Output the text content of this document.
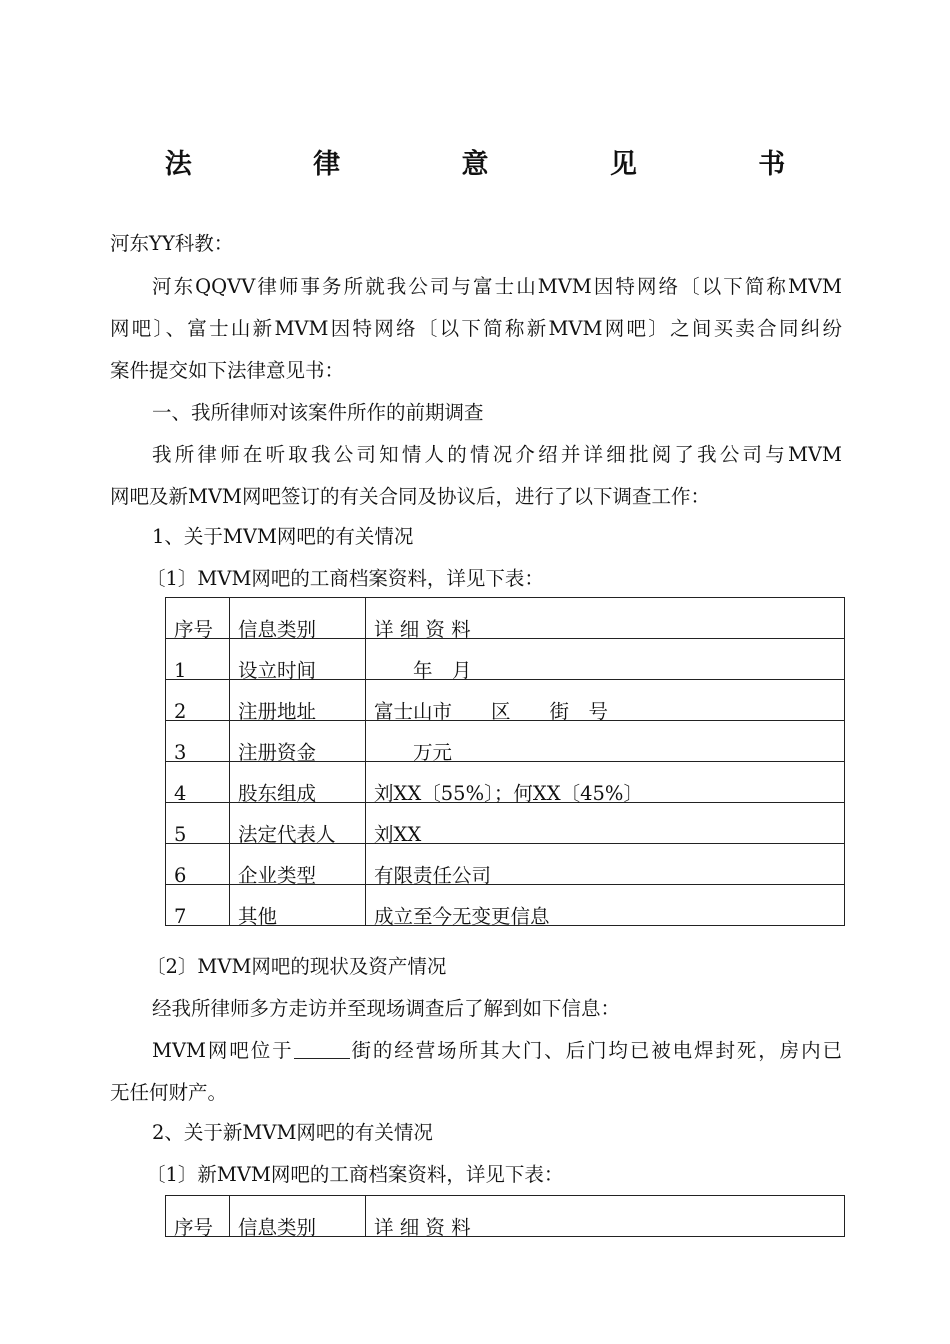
法 律 意 见 书
河东YY科教：
河东QQVV律师事务所就我公司与富士山MVM因特网络〔以下简称MVM
网吧〕、富士山新MVM因特网络〔以下简称新MVM网吧〕之间买卖合同纠纷
案件提交如下法律意见书：
一、我所律师对该案件所作的前期调查
我所律师在听取我公司知情人的情况介绍并详细批阅了我公司与MVM
网吧及新MVM网吧签订的有关合同及协议后，进行了以下调查工作：
1、关于MVM网吧的有关情况
〔1〕MVM网吧的工商档案资料，详见下表：
序号	信息类别	详 细 资 料
1	设立时间	　　年　月
2	注册地址	富士山市　　区　　街　号
3	注册资金	　　万元
4	股东组成	刘XX〔55%〕；何XX〔45%〕
5	法定代表人	刘XX
6	企业类型	有限责任公司
7	其他	成立至今无变更信息
〔2〕MVM网吧的现状及资产情况
经我所律师多方走访并至现场调查后了解到如下信息：
MVM网吧位于	街的经营场所其大门、后门均已被电焊封死，房内已
无任何财产。
2、关于新MVM网吧的有关情况
〔1〕新MVM网吧的工商档案资料，详见下表：
序号	信息类别	详 细 资 料
